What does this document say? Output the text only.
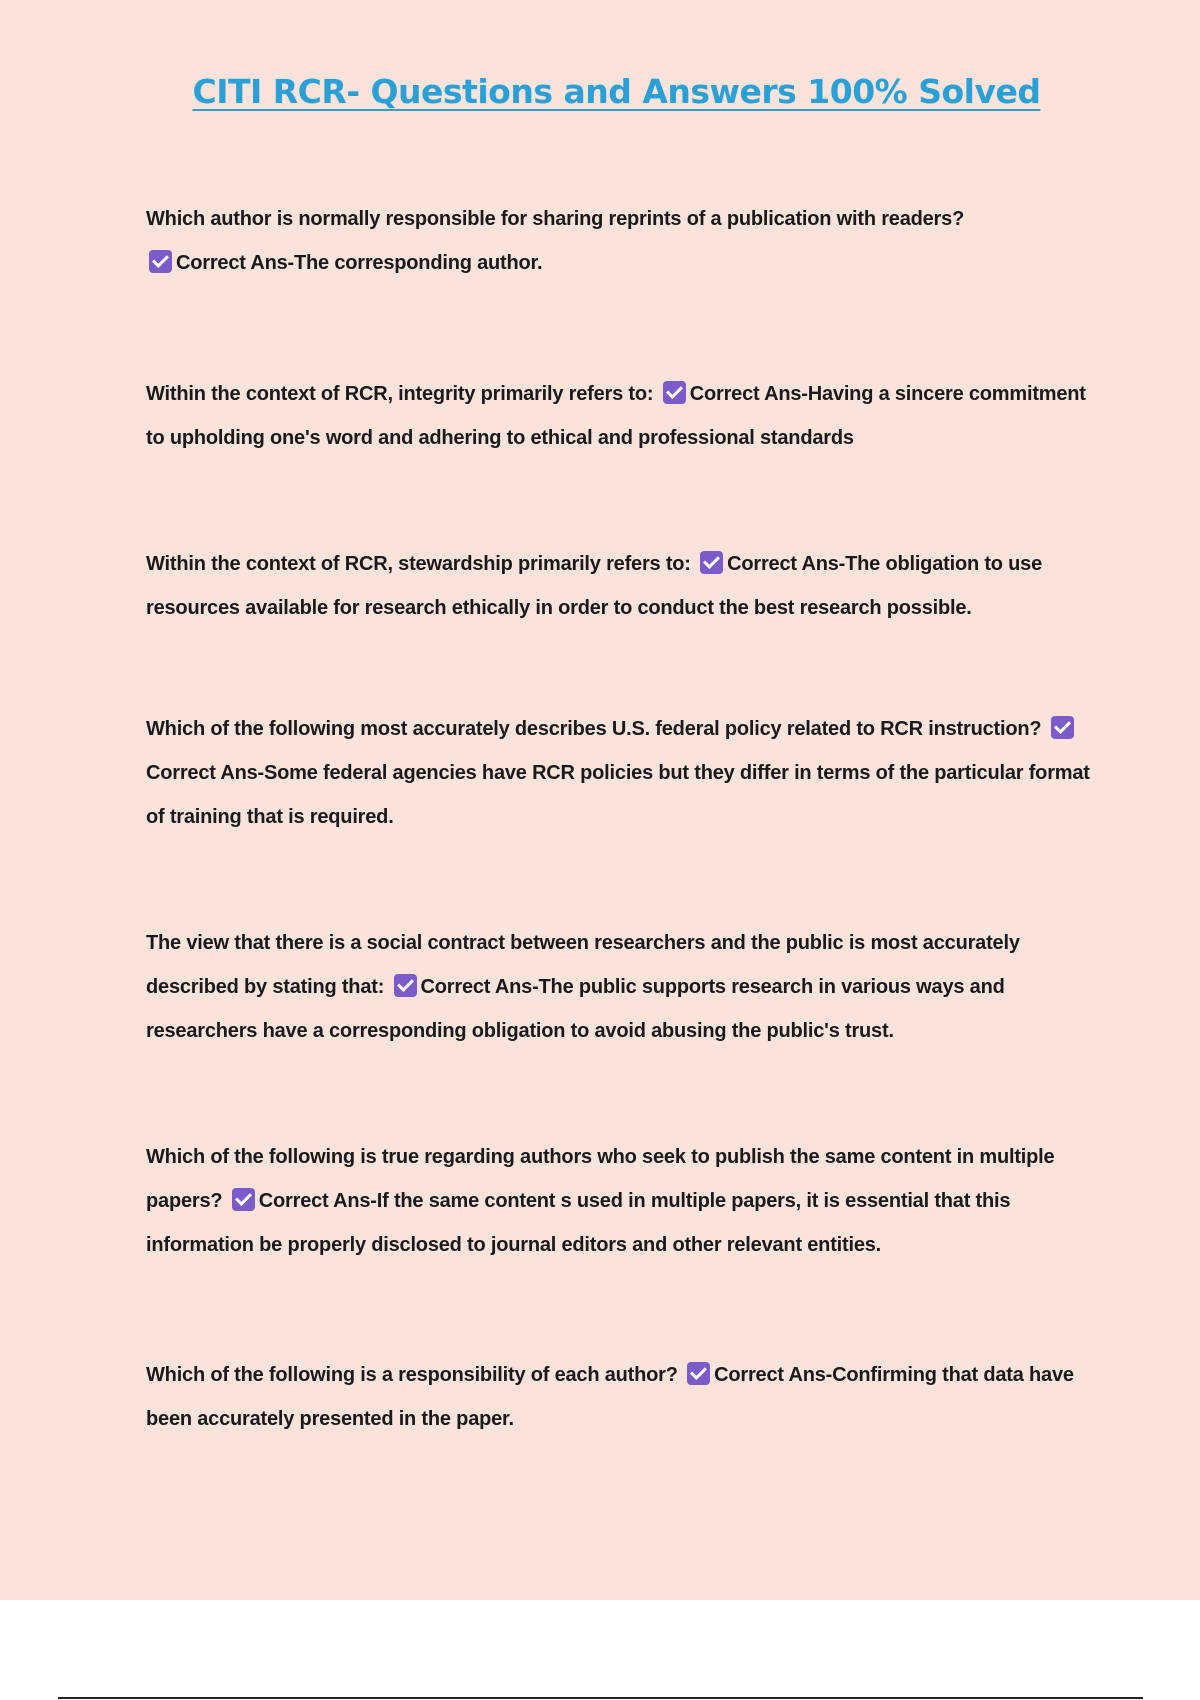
CITI RCR- Questions and Answers 100% Solved

Which author is normally responsible for sharing reprints of a publication with readers?
Correct Ans-The corresponding author.

Within the context of RCR, integrity primarily refers to: Correct Ans-Having a sincere commitment to upholding one's word and adhering to ethical and professional standards

Within the context of RCR, stewardship primarily refers to: Correct Ans-The obligation to use resources available for research ethically in order to conduct the best research possible.

Which of the following most accurately describes U.S. federal policy related to RCR instruction? Correct Ans-Some federal agencies have RCR policies but they differ in terms of the particular format of training that is required.

The view that there is a social contract between researchers and the public is most accurately described by stating that: Correct Ans-The public supports research in various ways and researchers have a corresponding obligation to avoid abusing the public's trust.

Which of the following is true regarding authors who seek to publish the same content in multiple papers? Correct Ans-If the same content s used in multiple papers, it is essential that this information be properly disclosed to journal editors and other relevant entities.

Which of the following is a responsibility of each author? Correct Ans-Confirming that data have been accurately presented in the paper.
